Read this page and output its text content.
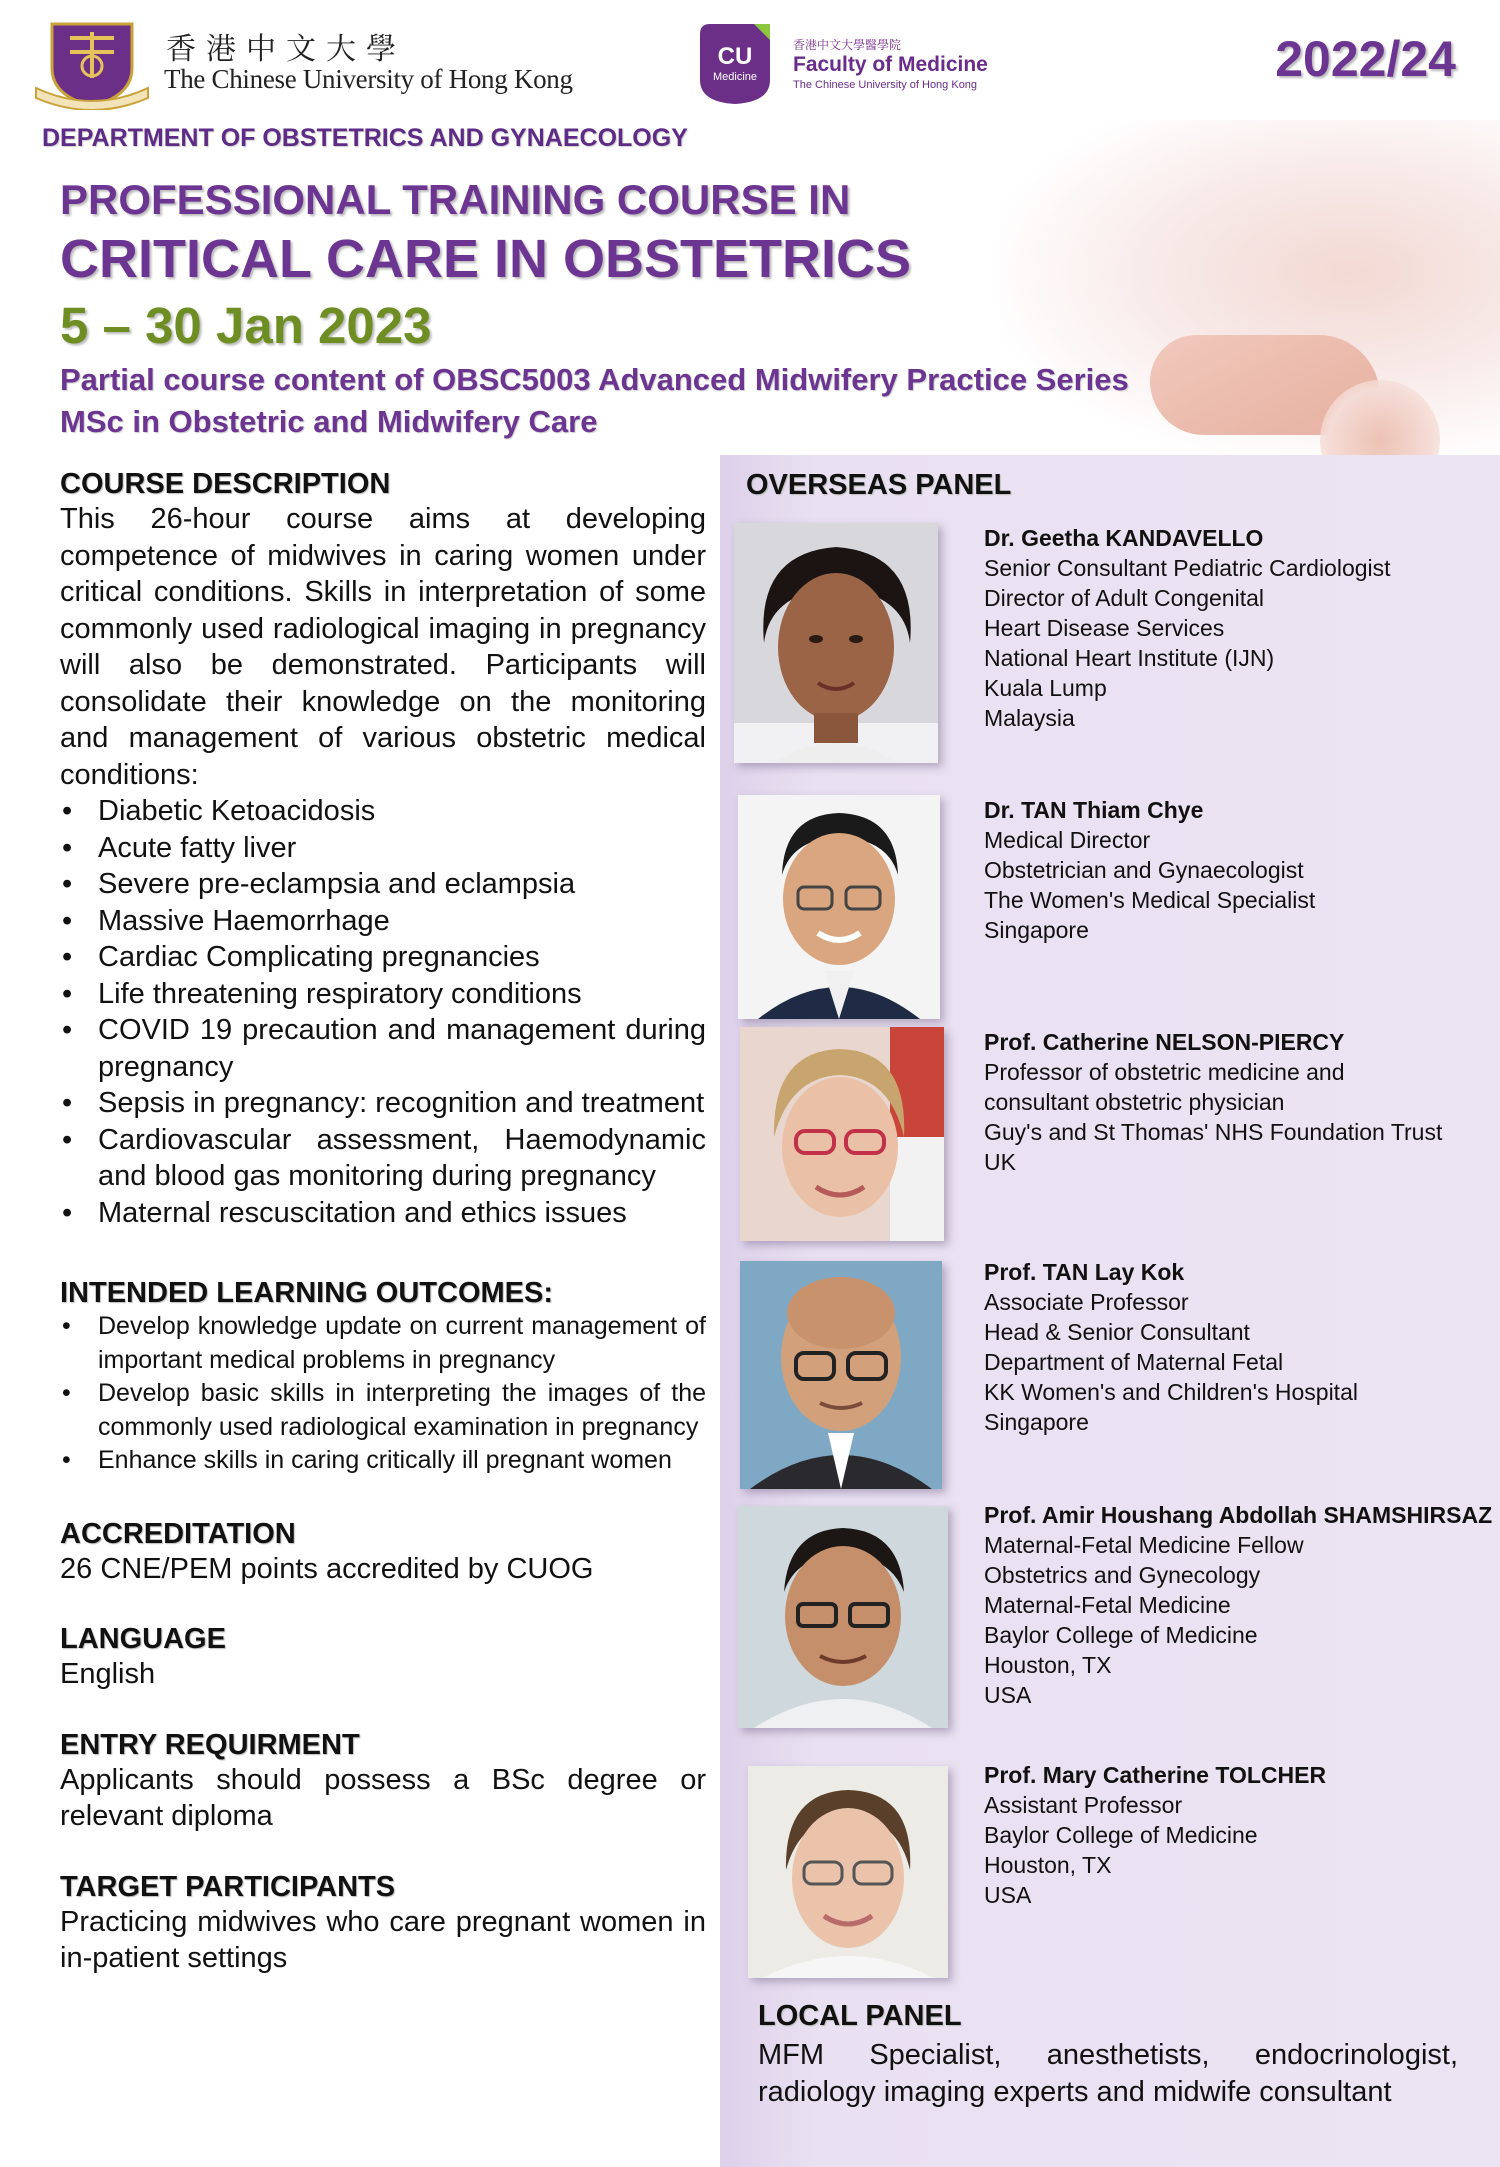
香港中文大學
The Chinese University of Hong Kong
CU
Medicine
香港中文大學醫學院
Faculty of Medicine
The Chinese University of Hong Kong	2022/24
DEPARTMENT OF OBSTETRICS AND GYNAECOLOGY
PROFESSIONAL TRAINING COURSE IN
CRITICAL CARE IN OBSTETRICS
5 – 30 Jan 2023
Partial course content of OBSC5003 Advanced Midwifery Practice Series
MSc in Obstetric and Midwifery Care
COURSE DESCRIPTION

This 26-hour course aims at developing competence of midwives in caring women under critical conditions. Skills in interpretation of some commonly used radiological imaging in pregnancy will also be demonstrated. Participants will consolidate their knowledge on the monitoring and management of various obstetric medical conditions:

• Diabetic Ketoacidosis
• Acute fatty liver
• Severe pre-eclampsia and eclampsia
• Massive Haemorrhage
• Cardiac Complicating pregnancies
• Life threatening respiratory conditions
• COVID 19 precaution and management during pregnancy
• Sepsis in pregnancy: recognition and treatment
• Cardiovascular assessment, Haemodynamic and blood gas monitoring during pregnancy
• Maternal rescuscitation and ethics issues
INTENDED LEARNING OUTCOMES:
• Develop knowledge update on current management of important medical problems in pregnancy
• Develop basic skills in interpreting the images of the commonly used radiological examination in pregnancy
• Enhance skills in caring critically ill pregnant women
ACCREDITATION

26 CNE/PEM points accredited by CUOG

LANGUAGE

English

ENTRY REQUIRMENT

Applicants should possess a BSc degree or relevant diploma

TARGET PARTICIPANTS

Practicing midwives who care pregnant women in in-patient settings

OVERSEAS PANEL
Dr. Geetha KANDAVELLO
Senior Consultant Pediatric Cardiologist
Director of Adult Congenital
Heart Disease Services
National Heart Institute (IJN)
Kuala Lump
Malaysia
Dr. TAN Thiam Chye
Medical Director
Obstetrician and Gynaecologist
The Women's Medical Specialist
Singapore
Prof. Catherine NELSON-PIERCY
Professor of obstetric medicine and
consultant obstetric physician
Guy's and St Thomas' NHS Foundation Trust
UK
Prof. TAN Lay Kok
Associate Professor
Head & Senior Consultant
Department of Maternal Fetal
KK Women's and Children's Hospital
Singapore
Prof. Amir Houshang Abdollah SHAMSHIRSAZ
Maternal-Fetal Medicine Fellow
Obstetrics and Gynecology
Maternal-Fetal Medicine
Baylor College of Medicine
Houston, TX
USA
Prof. Mary Catherine TOLCHER
Assistant Professor
Baylor College of Medicine
Houston, TX
USA
LOCAL PANEL
MFM Specialist, anesthetists, endocrinologist, radiology imaging experts and midwife consultant
